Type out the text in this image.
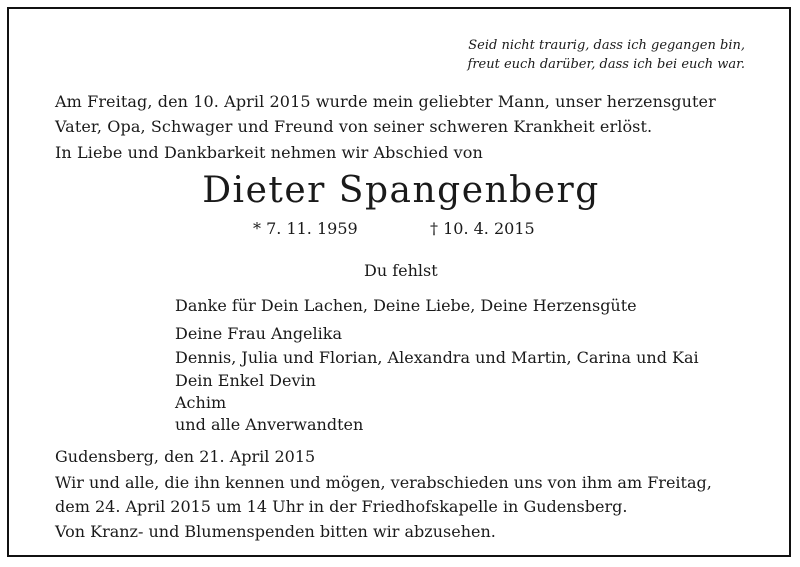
Seid nicht traurig, dass ich gegangen bin,
freut euch darüber, dass ich bei euch war.
Am Freitag, den 10. April 2015 wurde mein geliebter Mann, unser herzensguter
Vater, Opa, Schwager und Freund von seiner schweren Krankheit erlöst.
In Liebe und Dankbarkeit nehmen wir Abschied von
Dieter Spangenberg
* 7. 11. 1959	† 10. 4. 2015
Du fehlst
Danke für Dein Lachen, Deine Liebe, Deine Herzensgüte
Deine Frau Angelika
Dennis, Julia und Florian, Alexandra und Martin, Carina und Kai
Dein Enkel Devin
Achim
und alle Anverwandten
Gudensberg, den 21. April 2015
Wir und alle, die ihn kennen und mögen, verabschieden uns von ihm am Freitag,
dem 24. April 2015 um 14 Uhr in der Friedhofskapelle in Gudensberg.
Von Kranz- und Blumenspenden bitten wir abzusehen.
